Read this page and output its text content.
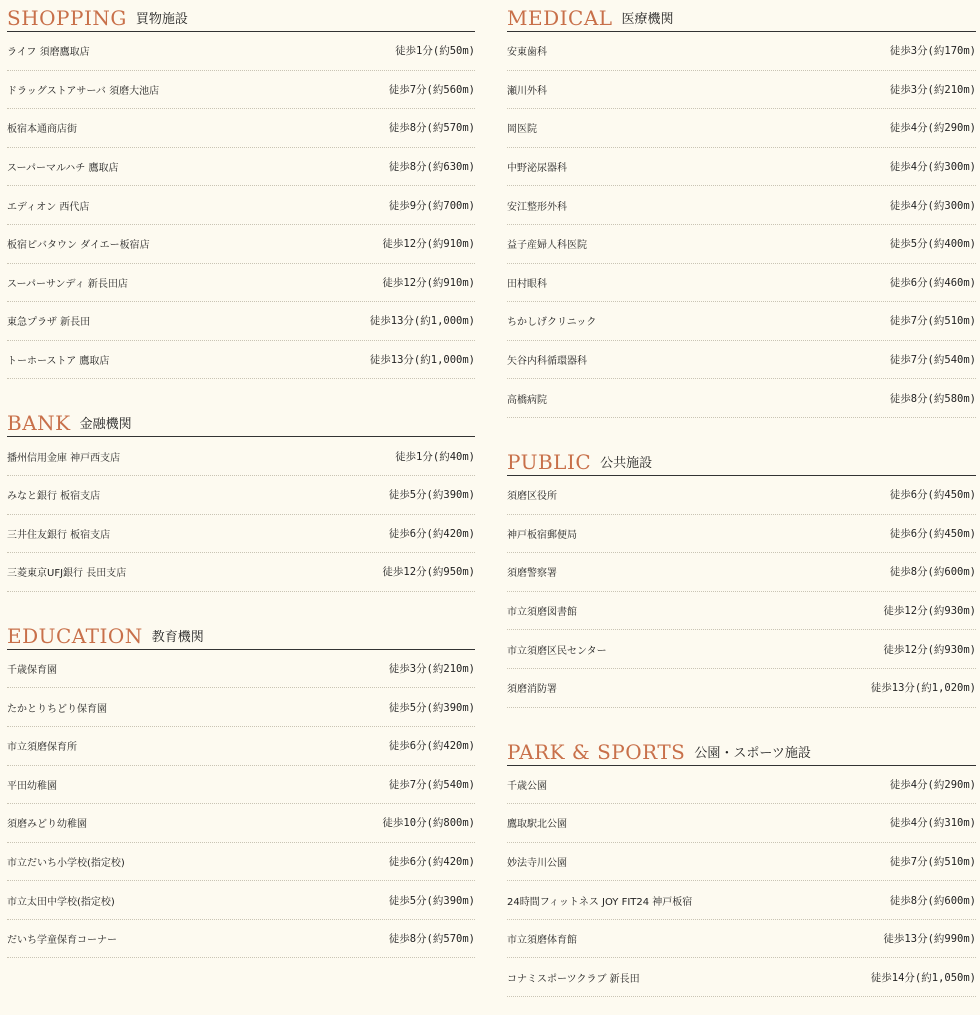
SHOPPING 買物施設
ライフ 須磨鷹取店	徒歩1分(約50m)
ドラッグストアサーバ 須磨大池店	徒歩7分(約560m)
板宿本通商店街	徒歩8分(約570m)
スーパーマルハチ 鷹取店	徒歩8分(約630m)
エディオン 西代店	徒歩9分(約700m)
板宿ピバタウン ダイエー板宿店	徒歩12分(約910m)
スーパーサンディ 新長田店	徒歩12分(約910m)
東急プラザ 新長田	徒歩13分(約1,000m)
トーホーストア 鷹取店	徒歩13分(約1,000m)
BANK 金融機関
播州信用金庫 神戸西支店	徒歩1分(約40m)
みなと銀行 板宿支店	徒歩5分(約390m)
三井住友銀行 板宿支店	徒歩6分(約420m)
三菱東京UFJ銀行 長田支店	徒歩12分(約950m)
EDUCATION 教育機関
千歳保育園	徒歩3分(約210m)
たかとりちどり保育園	徒歩5分(約390m)
市立須磨保育所	徒歩6分(約420m)
平田幼稚園	徒歩7分(約540m)
須磨みどり幼稚園	徒歩10分(約800m)
市立だいち小学校(指定校)	徒歩6分(約420m)
市立太田中学校(指定校)	徒歩5分(約390m)
だいち学童保育コーナー	徒歩8分(約570m)
MEDICAL 医療機関
安東歯科	徒歩3分(約170m)
瀬川外科	徒歩3分(約210m)
岡医院	徒歩4分(約290m)
中野泌尿器科	徒歩4分(約300m)
安江整形外科	徒歩4分(約300m)
益子産婦人科医院	徒歩5分(約400m)
田村眼科	徒歩6分(約460m)
ちかしげクリニック	徒歩7分(約510m)
矢谷内科循環器科	徒歩7分(約540m)
高橋病院	徒歩8分(約580m)
PUBLIC 公共施設
須磨区役所	徒歩6分(約450m)
神戸板宿郵便局	徒歩6分(約450m)
須磨警察署	徒歩8分(約600m)
市立須磨図書館	徒歩12分(約930m)
市立須磨区民センター	徒歩12分(約930m)
須磨消防署	徒歩13分(約1,020m)
PARK & SPORTS 公園・スポーツ施設
千歳公園	徒歩4分(約290m)
鷹取駅北公園	徒歩4分(約310m)
妙法寺川公園	徒歩7分(約510m)
24時間フィットネス JOY FIT24 神戸板宿	徒歩8分(約600m)
市立須磨体育館	徒歩13分(約990m)
コナミスポーツクラブ 新長田	徒歩14分(約1,050m)
